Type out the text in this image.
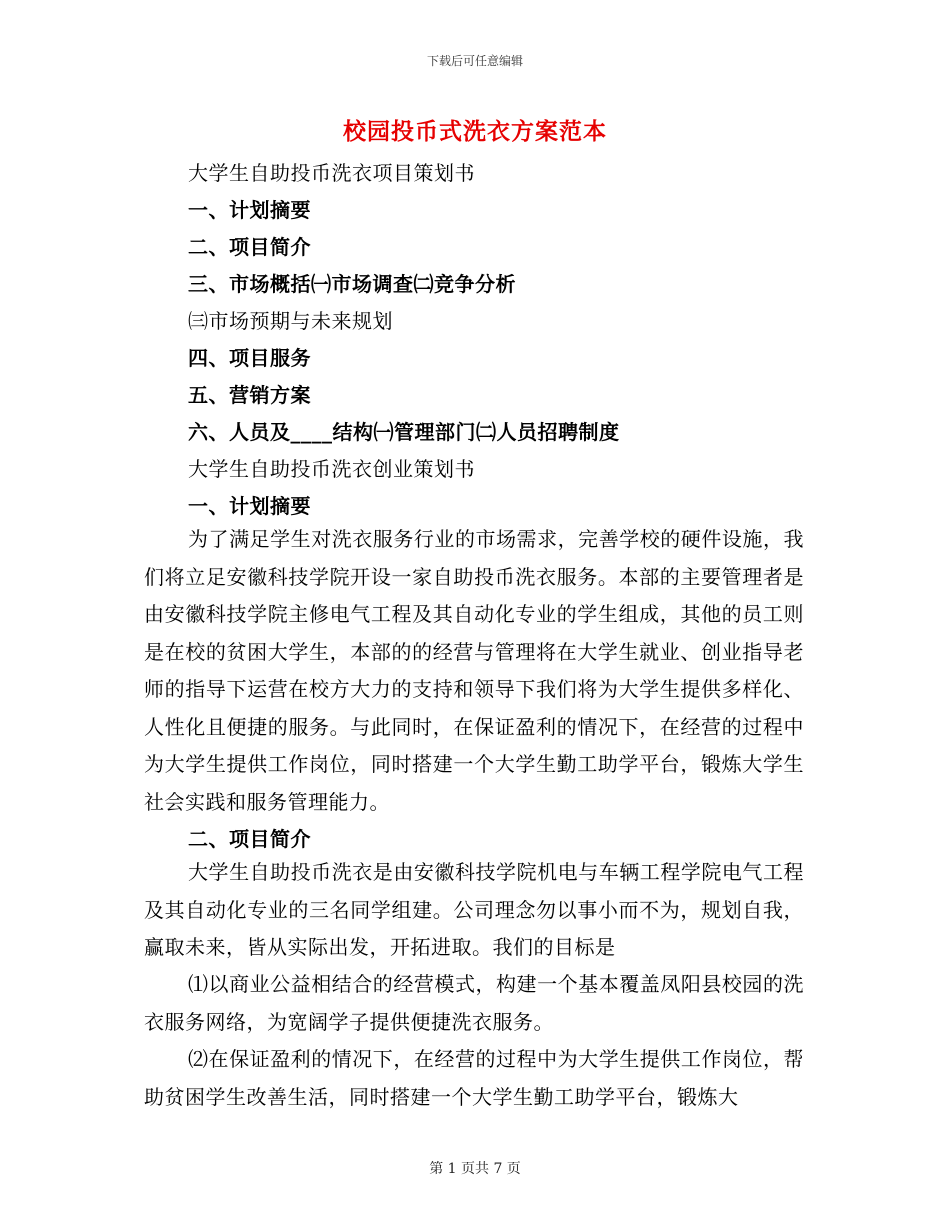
下载后可任意编辑
校园投币式洗衣方案范本
大学生自助投币洗衣项目策划书
一、计划摘要
二、项目简介
三、市场概括㈠市场调查㈡竞争分析
㈢市场预期与未来规划
四、项目服务
五、营销方案
六、人员及____结构㈠管理部门㈡人员招聘制度
大学生自助投币洗衣创业策划书
一、计划摘要
为了满足学生对洗衣服务行业的市场需求，完善学校的硬件设施，我们将立足安徽科技学院开设一家自助投币洗衣服务。本部的主要管理者是由安徽科技学院主修电气工程及其自动化专业的学生组成，其他的员工则是在校的贫困大学生，本部的的经营与管理将在大学生就业、创业指导老师的指导下运营在校方大力的支持和领导下我们将为大学生提供多样化、人性化且便捷的服务。与此同时，在保证盈利的情况下，在经营的过程中为大学生提供工作岗位，同时搭建一个大学生勤工助学平台，锻炼大学生社会实践和服务管理能力。
二、项目简介
大学生自助投币洗衣是由安徽科技学院机电与车辆工程学院电气工程及其自动化专业的三名同学组建。公司理念勿以事小而不为，规划自我，赢取未来，皆从实际出发，开拓进取。我们的目标是
⑴以商业公益相结合的经营模式，构建一个基本覆盖凤阳县校园的洗衣服务网络，为宽阔学子提供便捷洗衣服务。
⑵在保证盈利的情况下，在经营的过程中为大学生提供工作岗位，帮助贫困学生改善生活，同时搭建一个大学生勤工助学平台，锻炼大
第 1 页共 7 页
